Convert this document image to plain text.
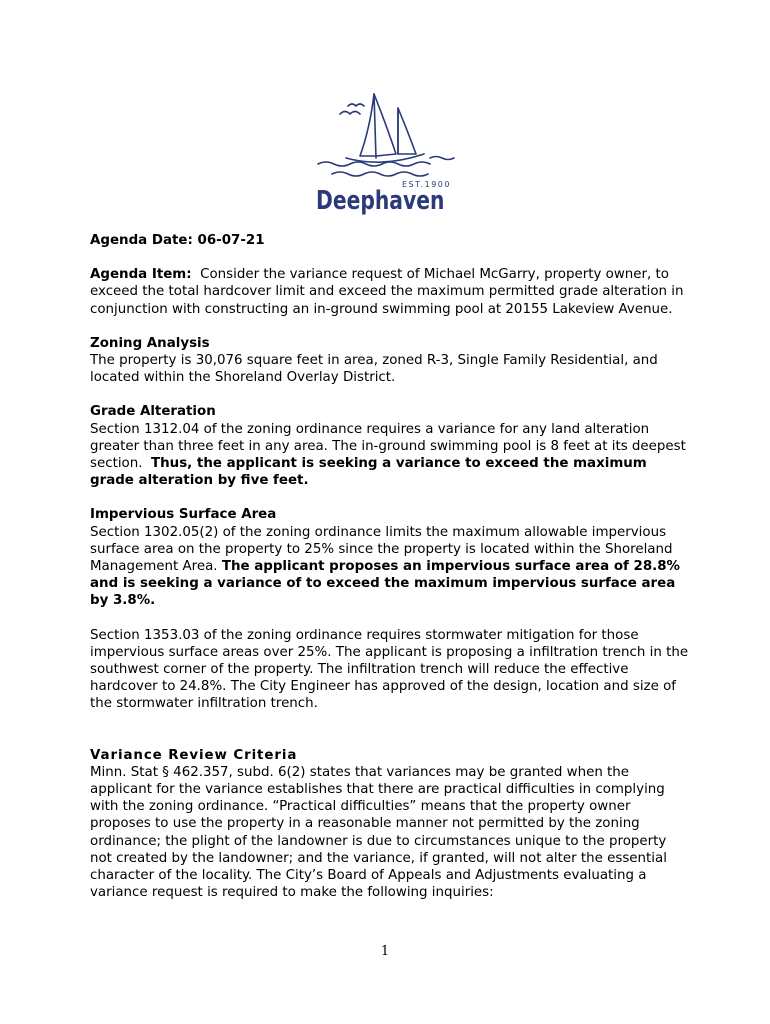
EST.1900
Deephaven

Agenda Date: 06-07-21

Agenda Item: Consider the variance request of Michael McGarry, property owner, to exceed the total hardcover limit and exceed the maximum permitted grade alteration in conjunction with constructing an in-ground swimming pool at 20155 Lakeview Avenue.

Zoning Analysis

The property is 30,076 square feet in area, zoned R-3, Single Family Residential, and located within the Shoreland Overlay District.

Grade Alteration

Section 1312.04 of the zoning ordinance requires a variance for any land alteration greater than three feet in any area. The in-ground swimming pool is 8 feet at its deepest section. Thus, the applicant is seeking a variance to exceed the maximum grade alteration by five feet.

Impervious Surface Area

Section 1302.05(2) of the zoning ordinance limits the maximum allowable impervious surface area on the property to 25% since the property is located within the Shoreland Management Area. The applicant proposes an impervious surface area of 28.8% and is seeking a variance of to exceed the maximum impervious surface area by 3.8%.

Section 1353.03 of the zoning ordinance requires stormwater mitigation for those impervious surface areas over 25%. The applicant is proposing a infiltration trench in the southwest corner of the property. The infiltration trench will reduce the effective hardcover to 24.8%. The City Engineer has approved of the design, location and size of the stormwater infiltration trench.

Variance Review Criteria

Minn. Stat § 462.357, subd. 6(2) states that variances may be granted when the applicant for the variance establishes that there are practical difficulties in complying with the zoning ordinance. “Practical difficulties” means that the property owner proposes to use the property in a reasonable manner not permitted by the zoning ordinance; the plight of the landowner is due to circumstances unique to the property not created by the landowner; and the variance, if granted, will not alter the essential character of the locality. The City’s Board of Appeals and Adjustments evaluating a variance request is required to make the following inquiries:

1
